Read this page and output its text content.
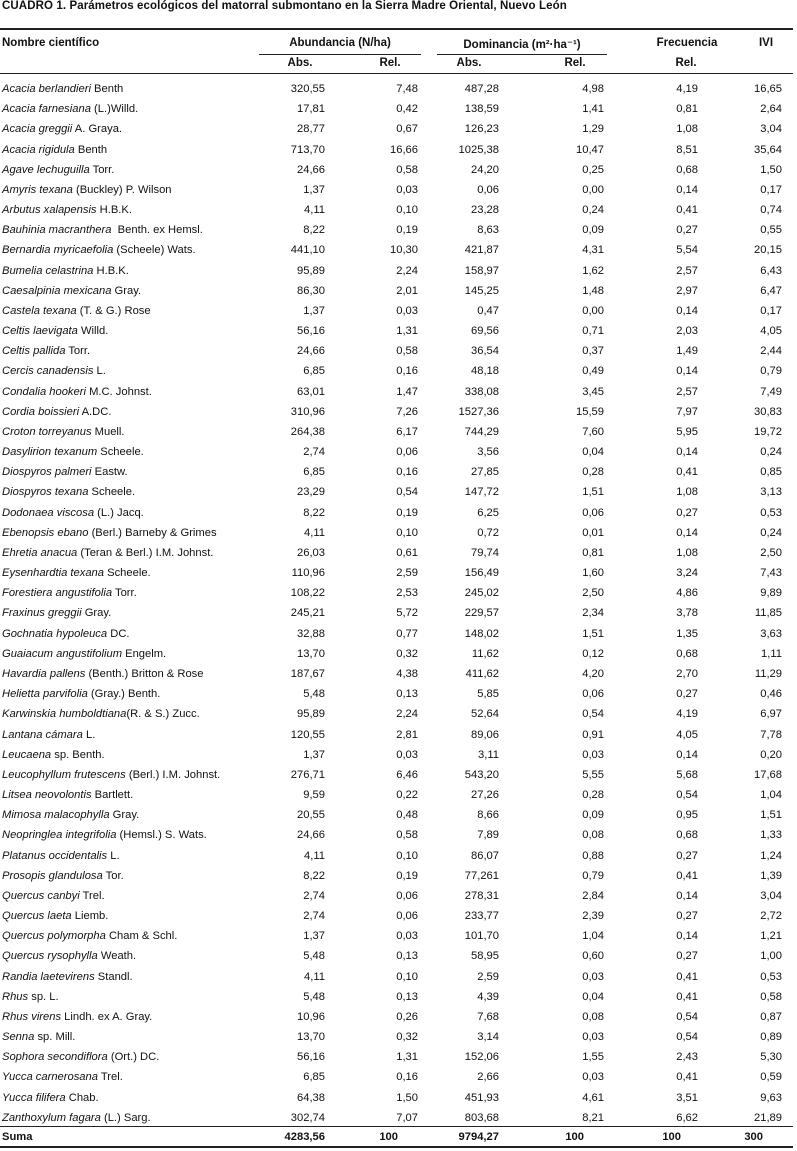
CUADRO 1. Parámetros ecológicos del matorral submontano en la Sierra Madre Oriental, Nuevo León
Nombre científico	Abundancia (N/ha)	Dominancia (m²·ha⁻¹)	Frecuencia	IVI
Abs.	Rel.	Abs.	Rel.	Rel.
Acacia berlandieri Benth	320,55	7,48	487,28	4,98	4,19	16,65
Acacia farnesiana (L.)Willd.	17,81	0,42	138,59	1,41	0,81	2,64
Acacia greggii A. Graya.	28,77	0,67	126,23	1,29	1,08	3,04
Acacia rigidula Benth	713,70	16,66	1025,38	10,47	8,51	35,64
Agave lechuguilla Torr.	24,66	0,58	24,20	0,25	0,68	1,50
Amyris texana (Buckley) P. Wilson	1,37	0,03	0,06	0,00	0,14	0,17
Arbutus xalapensis H.B.K.	4,11	0,10	23,28	0,24	0,41	0,74
Bauhinia macranthera  Benth. ex Hemsl.	8,22	0,19	8,63	0,09	0,27	0,55
Bernardia myricaefolia (Scheele) Wats.	441,10	10,30	421,87	4,31	5,54	20,15
Bumelia celastrina H.B.K.	95,89	2,24	158,97	1,62	2,57	6,43
Caesalpinia mexicana Gray.	86,30	2,01	145,25	1,48	2,97	6,47
Castela texana (T. & G.) Rose	1,37	0,03	0,47	0,00	0,14	0,17
Celtis laevigata Willd.	56,16	1,31	69,56	0,71	2,03	4,05
Celtis pallida Torr.	24,66	0,58	36,54	0,37	1,49	2,44
Cercis canadensis L.	6,85	0,16	48,18	0,49	0,14	0,79
Condalia hookeri M.C. Johnst.	63,01	1,47	338,08	3,45	2,57	7,49
Cordia boissieri A.DC.	310,96	7,26	1527,36	15,59	7,97	30,83
Croton torreyanus Muell.	264,38	6,17	744,29	7,60	5,95	19,72
Dasylirion texanum Scheele.	2,74	0,06	3,56	0,04	0,14	0,24
Diospyros palmeri Eastw.	6,85	0,16	27,85	0,28	0,41	0,85
Diospyros texana Scheele.	23,29	0,54	147,72	1,51	1,08	3,13
Dodonaea viscosa (L.) Jacq.	8,22	0,19	6,25	0,06	0,27	0,53
Ebenopsis ebano (Berl.) Barneby & Grimes	4,11	0,10	0,72	0,01	0,14	0,24
Ehretia anacua (Teran & Berl.) I.M. Johnst.	26,03	0,61	79,74	0,81	1,08	2,50
Eysenhardtia texana Scheele.	110,96	2,59	156,49	1,60	3,24	7,43
Forestiera angustifolia Torr.	108,22	2,53	245,02	2,50	4,86	9,89
Fraxinus greggii Gray.	245,21	5,72	229,57	2,34	3,78	11,85
Gochnatia hypoleuca DC.	32,88	0,77	148,02	1,51	1,35	3,63
Guaiacum angustifolium Engelm.	13,70	0,32	11,62	0,12	0,68	1,11
Havardia pallens (Benth.) Britton & Rose	187,67	4,38	411,62	4,20	2,70	11,29
Helietta parvifolia (Gray.) Benth.	5,48	0,13	5,85	0,06	0,27	0,46
Karwinskia humboldtiana(R. & S.) Zucc.	95,89	2,24	52,64	0,54	4,19	6,97
Lantana cámara L.	120,55	2,81	89,06	0,91	4,05	7,78
Leucaena sp. Benth.	1,37	0,03	3,11	0,03	0,14	0,20
Leucophyllum frutescens (Berl.) I.M. Johnst.	276,71	6,46	543,20	5,55	5,68	17,68
Litsea neovolontis Bartlett.	9,59	0,22	27,26	0,28	0,54	1,04
Mimosa malacophylla Gray.	20,55	0,48	8,66	0,09	0,95	1,51
Neopringlea integrifolia (Hemsl.) S. Wats.	24,66	0,58	7,89	0,08	0,68	1,33
Platanus occidentalis L.	4,11	0,10	86,07	0,88	0,27	1,24
Prosopis glandulosa Tor.	8,22	0,19	77,261	0,79	0,41	1,39
Quercus canbyi Trel.	2,74	0,06	278,31	2,84	0,14	3,04
Quercus laeta Liemb.	2,74	0,06	233,77	2,39	0,27	2,72
Quercus polymorpha Cham & Schl.	1,37	0,03	101,70	1,04	0,14	1,21
Quercus rysophylla Weath.	5,48	0,13	58,95	0,60	0,27	1,00
Randia laetevirens Standl.	4,11	0,10	2,59	0,03	0,41	0,53
Rhus sp. L.	5,48	0,13	4,39	0,04	0,41	0,58
Rhus virens Lindh. ex A. Gray.	10,96	0,26	7,68	0,08	0,54	0,87
Senna sp. Mill.	13,70	0,32	3,14	0,03	0,54	0,89
Sophora secondiflora (Ort.) DC.	56,16	1,31	152,06	1,55	2,43	5,30
Yucca carnerosana Trel.	6,85	0,16	2,66	0,03	0,41	0,59
Yucca filifera Chab.	64,38	1,50	451,93	4,61	3,51	9,63
Zanthoxylum fagara (L.) Sarg.	302,74	7,07	803,68	8,21	6,62	21,89
Suma	4283,56	100	9794,27	100	100	300
